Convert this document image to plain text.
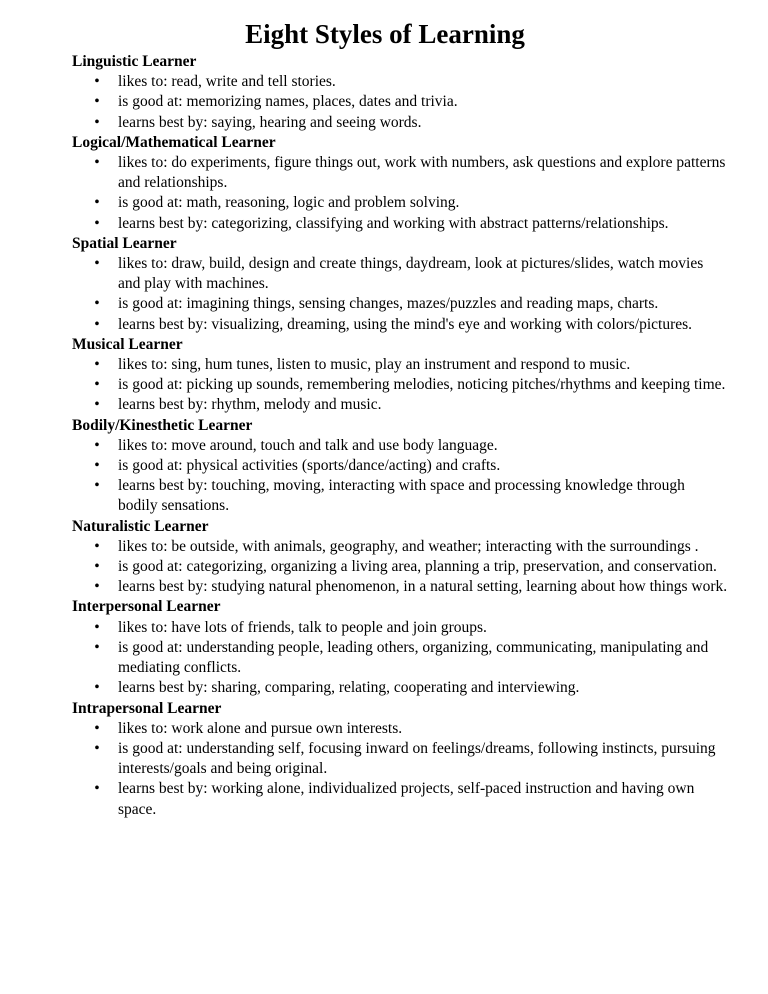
Eight Styles of Learning
Linguistic Learner
• likes to: read, write and tell stories.
• is good at: memorizing names, places, dates and trivia.
• learns best by: saying, hearing and seeing words.
Logical/Mathematical Learner
• likes to: do experiments, figure things out, work with numbers, ask questions and explore patterns and relationships.
• is good at: math, reasoning, logic and problem solving.
• learns best by: categorizing, classifying and working with abstract patterns/relationships.
Spatial Learner
• likes to: draw, build, design and create things, daydream, look at pictures/slides, watch movies and play with machines.
• is good at: imagining things, sensing changes, mazes/puzzles and reading maps, charts.
• learns best by: visualizing, dreaming, using the mind's eye and working with colors/pictures.
Musical Learner
• likes to: sing, hum tunes, listen to music, play an instrument and respond to music.
• is good at: picking up sounds, remembering melodies, noticing pitches/rhythms and keeping time.
• learns best by: rhythm, melody and music.
Bodily/Kinesthetic Learner
• likes to: move around, touch and talk and use body language.
• is good at: physical activities (sports/dance/acting) and crafts.
• learns best by: touching, moving, interacting with space and processing knowledge through bodily sensations.
Naturalistic Learner
• likes to: be outside, with animals, geography, and weather; interacting with the surroundings .
• is good at: categorizing, organizing a living area, planning a trip, preservation, and conservation.
• learns best by: studying natural phenomenon, in a natural setting, learning about how things work.
Interpersonal Learner
• likes to: have lots of friends, talk to people and join groups.
• is good at: understanding people, leading others, organizing, communicating, manipulating and mediating conflicts.
• learns best by: sharing, comparing, relating, cooperating and interviewing.
Intrapersonal Learner
• likes to: work alone and pursue own interests.
• is good at: understanding self, focusing inward on feelings/dreams, following instincts, pursuing interests/goals and being original.
• learns best by: working alone, individualized projects, self-paced instruction and having own space.
